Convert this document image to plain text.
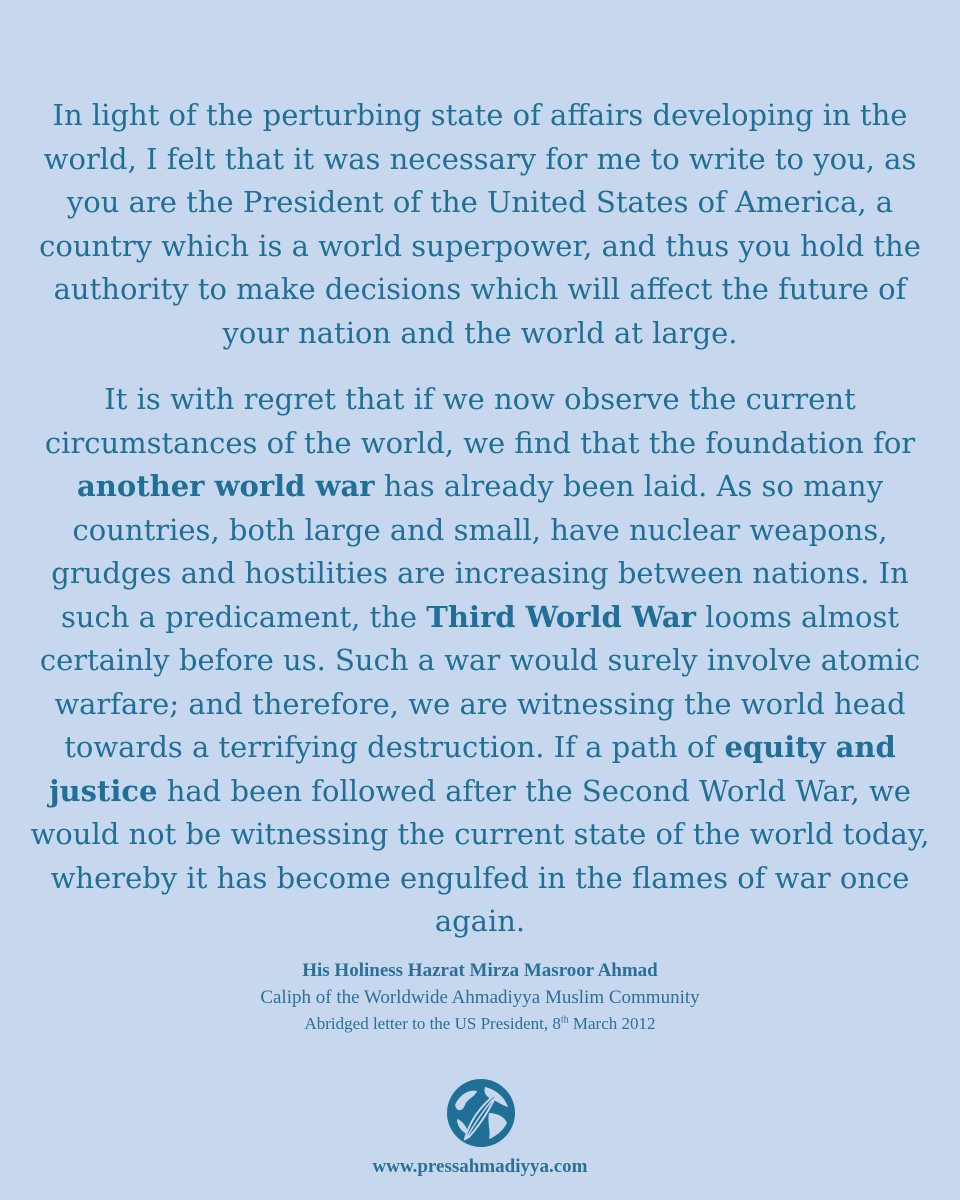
In light of the perturbing state of affairs developing in the world, I felt that it was necessary for me to write to you, as you are the President of the United States of America, a country which is a world superpower, and thus you hold the authority to make decisions which will affect the future of your nation and the world at large.

It is with regret that if we now observe the current circumstances of the world, we find that the foundation for another world war has already been laid. As so many countries, both large and small, have nuclear weapons, grudges and hostilities are increasing between nations. In such a predicament, the Third World War looms almost certainly before us. Such a war would surely involve atomic warfare; and therefore, we are witnessing the world head towards a terrifying destruction. If a path of equity and justice had been followed after the Second World War, we would not be witnessing the current state of the world today, whereby it has become engulfed in the flames of war once again.

His Holiness Hazrat Mirza Masroor Ahmad
Caliph of the Worldwide Ahmadiyya Muslim Community
Abridged letter to the US President, 8th March 2012
www.pressahmadiyya.com
